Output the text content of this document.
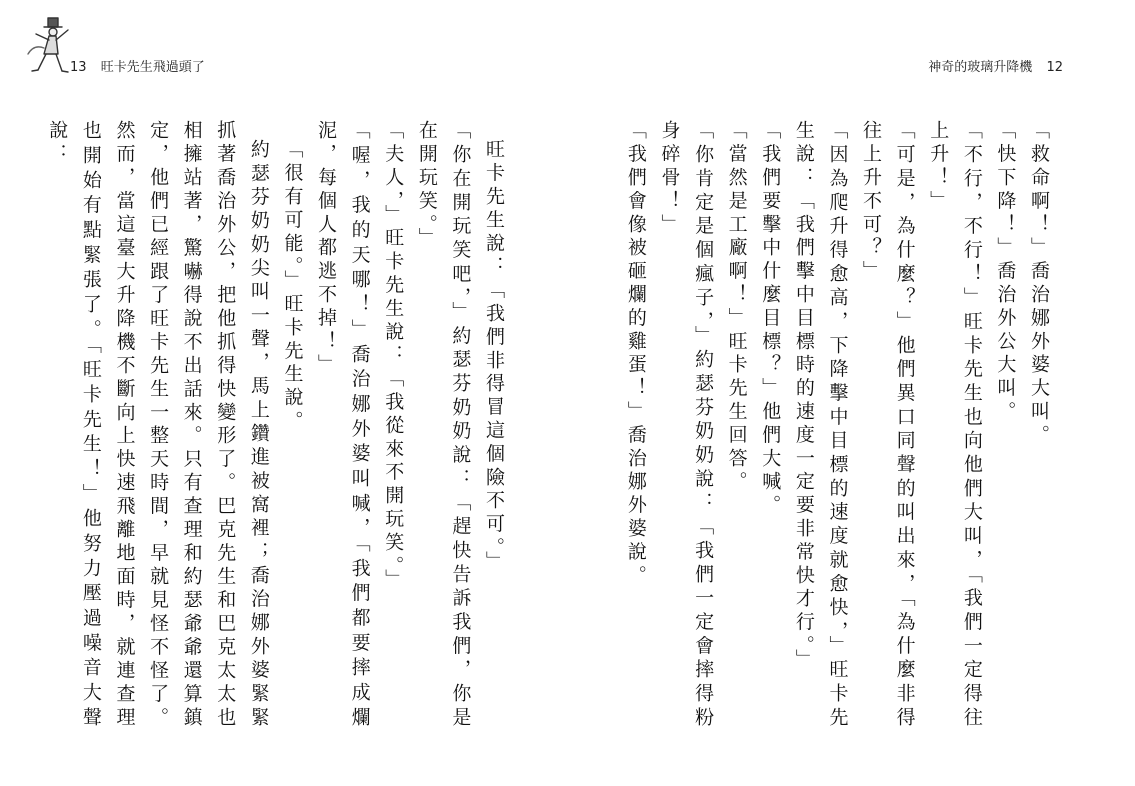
13 旺卡先生飛過頭了	神奇的玻璃升降機 12

「救命啊！」喬治娜外婆大叫。

「快下降！」喬治外公大叫。

「不行，不行！」旺卡先生也向他們大叫，「我們一定得往上升！」

「可是，為什麼？」他們異口同聲的叫出來，「為什麼非得往上升不可？」

「因為爬升得愈高，下降擊中目標的速度就愈快，」旺卡先生說：「我們擊中目標時的速度一定要非常快才行。」

「我們要擊中什麼目標？」他們大喊。

「當然是工廠啊！」旺卡先生回答。

「你肯定是個瘋子，」約瑟芬奶奶說：「我們一定會摔得粉身碎骨！」

「我們會像被砸爛的雞蛋！」喬治娜外婆說。

旺卡先生說：「我們非得冒這個險不可。」

「你在開玩笑吧，」約瑟芬奶奶說：「趕快告訴我們，你是在開玩笑。」

「夫人，」旺卡先生說：「我從來不開玩笑。」

「喔，我的天哪！」喬治娜外婆叫喊，「我們都要摔成爛泥，每個人都逃不掉！」

「很有可能。」旺卡先生說。

約瑟芬奶奶尖叫一聲，馬上鑽進被窩裡；喬治娜外婆緊緊抓著喬治外公，把他抓得快變形了。巴克先生和巴克太太也相擁站著，驚嚇得說不出話來。只有查理和約瑟爺爺還算鎮定，他們已經跟了旺卡先生一整天時間，早就見怪不怪了。然而，當這臺大升降機不斷向上快速飛離地面時，就連查理也開始有點緊張了。「旺卡先生！」他努力壓過噪音大聲說：
